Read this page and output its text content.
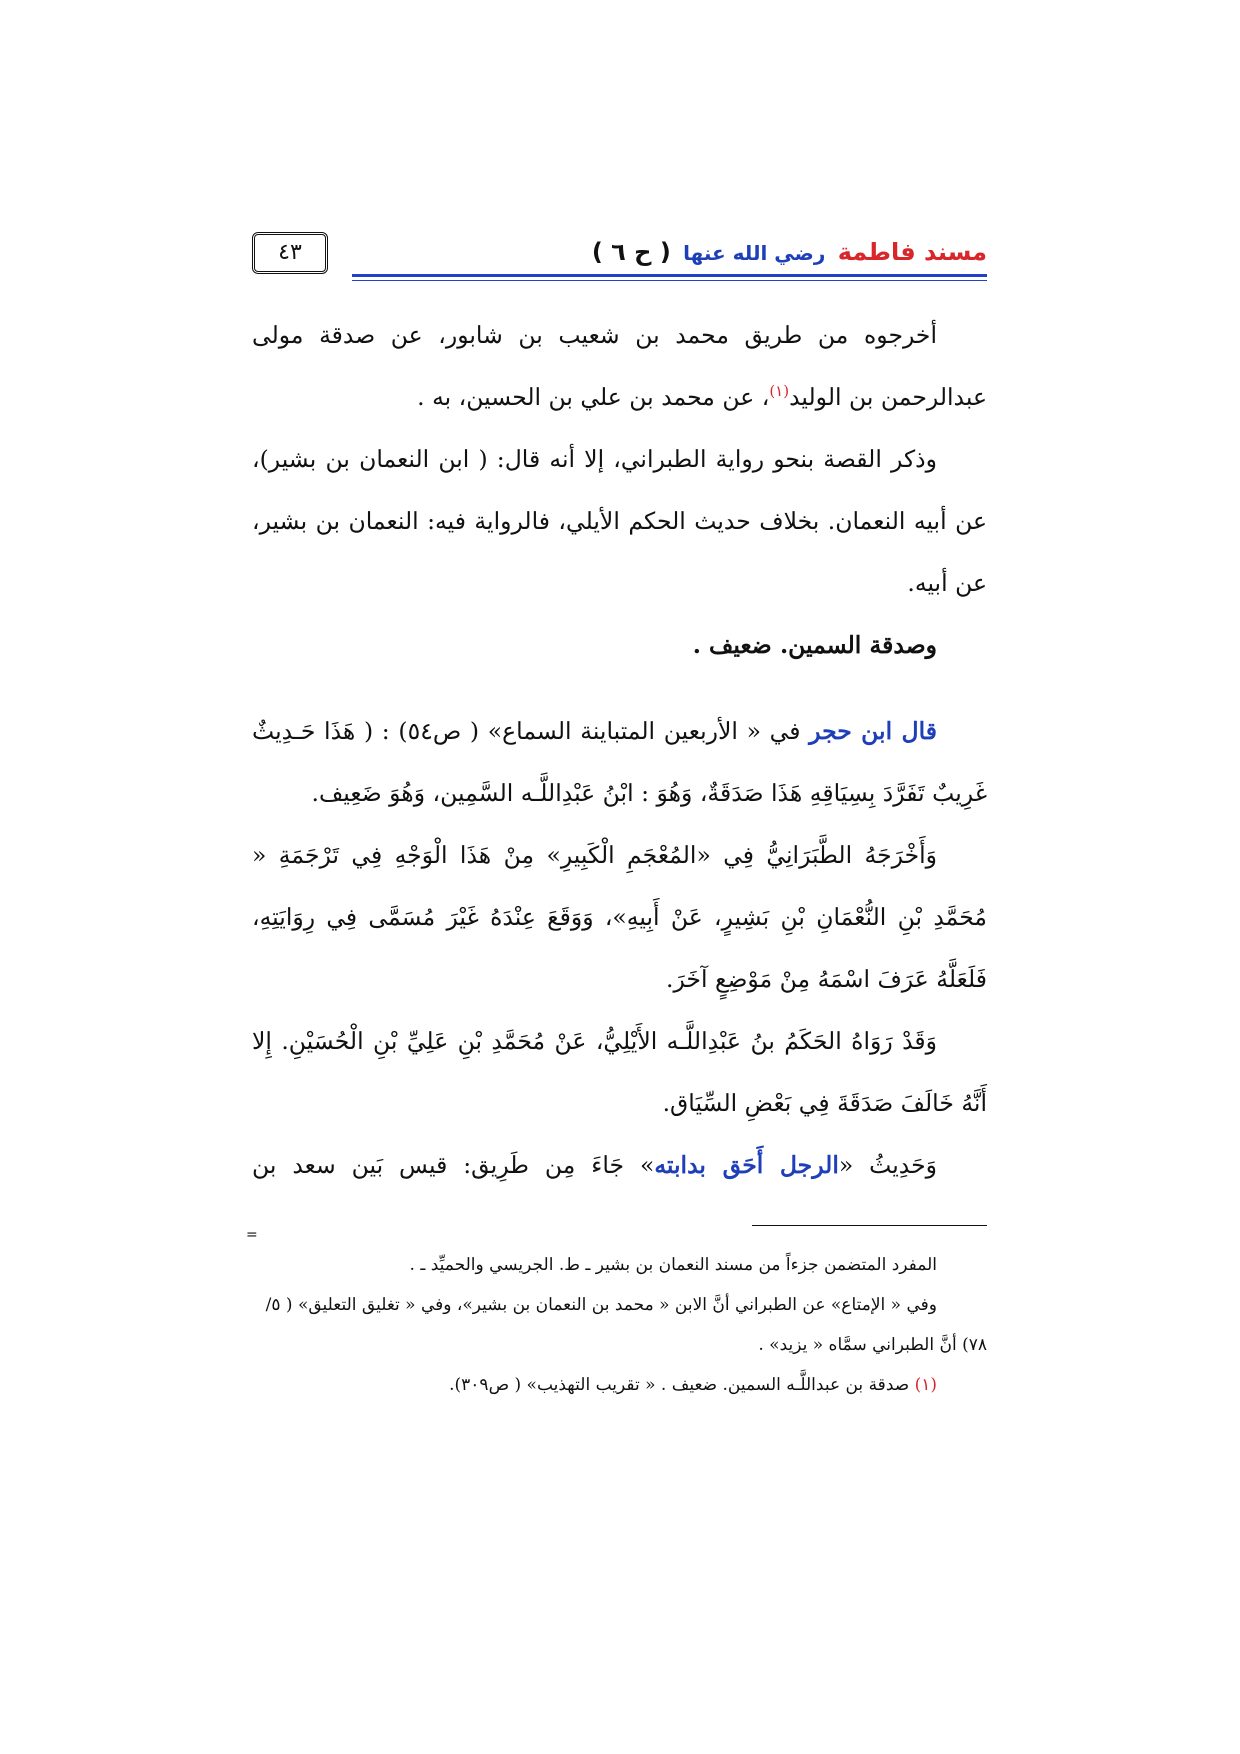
مسند فاطمة رضي الله عنها ( ح ٦ )
٤٣

أخرجوه من طريق محمد بن شعيب بن شابور، عن صدقة مولى عبدالرحمن بن الوليد$^{(١)}$، عن محمد بن علي بن الحسين، به .

وذكر القصة بنحو رواية الطبراني، إلا أنه قال: ( ابن النعمان بن بشير)، عن أبيه النعمان. بخلاف حديث الحكم الأيلي، فالرواية فيه: النعمان بن بشير، عن أبيه.

وصدقة السمين. ضعيف .

قال ابن حجر في « الأربعين المتباينة السماع» ( ص٥٤) : ( هَذَا حَـدِيثٌ غَرِيبٌ تَفَرَّدَ بِسِيَاقِهِ هَذَا صَدَقَةٌ، وَهُوَ : ابْنُ عَبْدِاللَّـه السَّمِين، وَهُوَ ضَعِيف.

وَأَخْرَجَهُ الطَّبَرَانِيُّ فِي «المُعْجَمِ الْكَبِيرِ» مِنْ هَذَا الْوَجْهِ فِي تَرْجَمَةِ « مُحَمَّدِ بْنِ النُّعْمَانِ بْنِ بَشِيرٍ، عَنْ أَبِيهِ»، وَوَقَعَ عِنْدَهُ غَيْرَ مُسَمَّى فِي رِوَايَتِهِ، فَلَعَلَّهُ عَرَفَ اسْمَهُ مِنْ مَوْضِعٍ آخَرَ.

وَقَدْ رَوَاهُ الحَكَمُ بنُ عَبْدِاللَّـه الأَيْلِيُّ، عَنْ مُحَمَّدِ بْنِ عَلِيِّ بْنِ الْحُسَيْنِ. إِلا أَنَّهُ خَالَفَ صَدَقَةَ فِي بَعْضِ السِّيَاق.

وَحَدِيثُ «الرجل أَحَق بدابته» جَاءَ مِن طَرِيق: قيس بَين سعد بن

=

المفرد المتضمن جزءاً من مسند النعمان بن بشير ـ ط. الجريسي والحميِّد ـ .

وفي « الإمتاع» عن الطبراني أنَّ الابن « محمد بن النعمان بن بشير»، وفي « تغليق التعليق» ( ٥/ ٧٨) أنَّ الطبراني سمَّاه « يزيد» .

(١) صدقة بن عبداللَّـه السمين. ضعيف . « تقريب التهذيب» ( ص٣٠٩).
